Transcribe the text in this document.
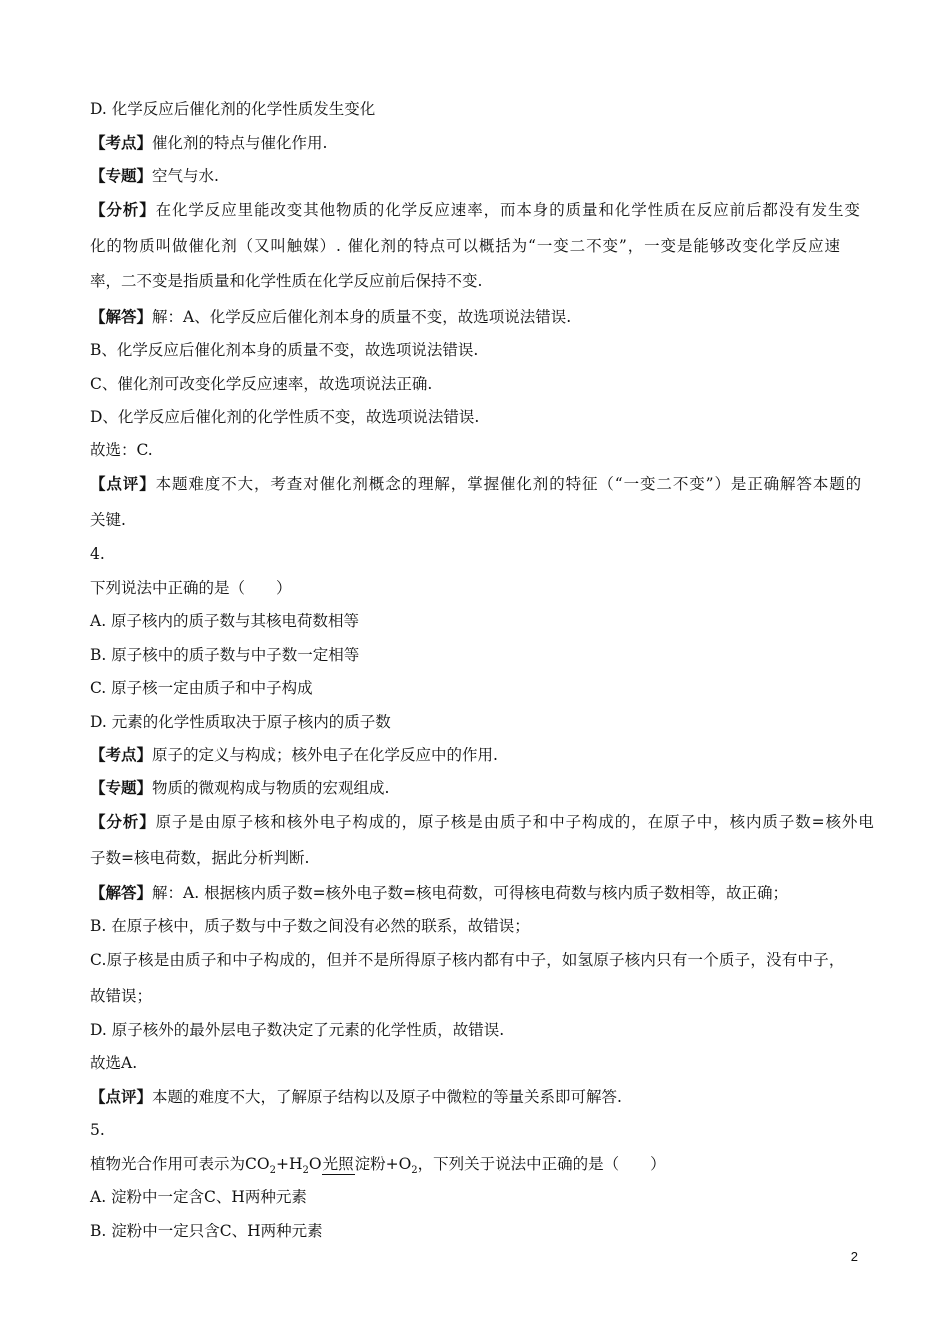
D. 化学反应后催化剂的化学性质发生变化
【考点】催化剂的特点与催化作用.
【专题】空气与水.
【分析】在化学反应里能改变其他物质的化学反应速率，而本身的质量和化学性质在反应前后都没有发生变
化的物质叫做催化剂（又叫触媒）. 催化剂的特点可以概括为“一变二不变”，一变是能够改变化学反应速
率，二不变是指质量和化学性质在化学反应前后保持不变.
【解答】解：A、化学反应后催化剂本身的质量不变，故选项说法错误.
B、化学反应后催化剂本身的质量不变，故选项说法错误.
C、催化剂可改变化学反应速率，故选项说法正确.
D、化学反应后催化剂的化学性质不变，故选项说法错误.
故选：C.
【点评】本题难度不大，考查对催化剂概念的理解，掌握催化剂的特征（“一变二不变”）是正确解答本题的
关键.
4.
下列说法中正确的是（　　）
A. 原子核内的质子数与其核电荷数相等
B. 原子核中的质子数与中子数一定相等
C. 原子核一定由质子和中子构成
D. 元素的化学性质取决于原子核内的质子数
【考点】原子的定义与构成；核外电子在化学反应中的作用.
【专题】物质的微观构成与物质的宏观组成.
【分析】原子是由原子核和核外电子构成的，原子核是由质子和中子构成的，在原子中，核内质子数=核外电
子数=核电荷数，据此分析判断.
【解答】解：A. 根据核内质子数=核外电子数=核电荷数，可得核电荷数与核内质子数相等，故正确；
B. 在原子核中，质子数与中子数之间没有必然的联系，故错误；
C.原子核是由质子和中子构成的，但并不是所得原子核内都有中子，如氢原子核内只有一个质子，没有中子，
故错误；
D. 原子核外的最外层电子数决定了元素的化学性质，故错误.
故选A.
【点评】本题的难度不大，了解原子结构以及原子中微粒的等量关系即可解答.
5.
植物光合作用可表示为$CO_2+H_2O$光照淀粉$+O_2$，下列关于说法中正确的是（　　）
A. 淀粉中一定含C、H两种元素
B. 淀粉中一定只含C、H两种元素
2
